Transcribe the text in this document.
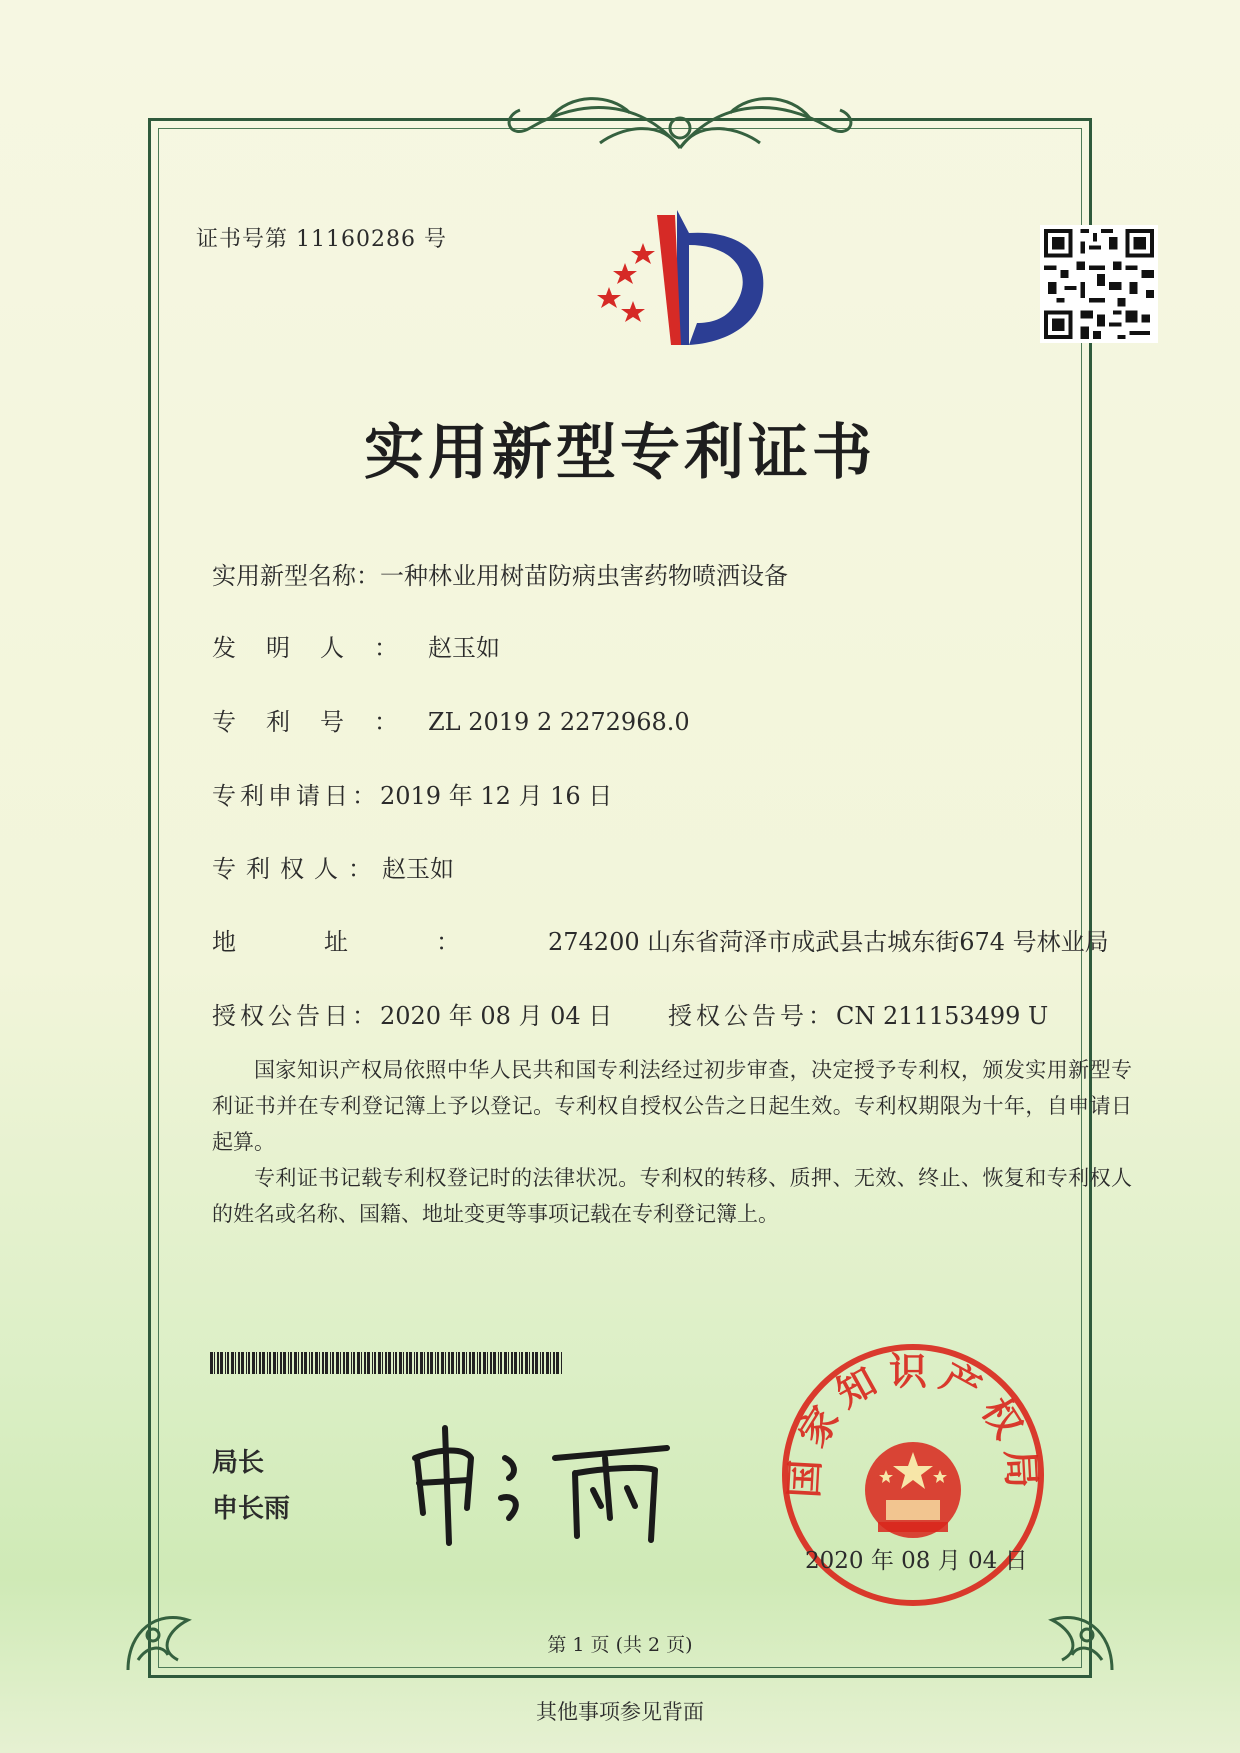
证书号第 11160286 号
实用新型专利证书
实用新型名称：一种林业用树苗防病虫害药物喷洒设备
发明人：赵玉如
专利号：ZL 2019 2 2272968.0
专利申请日：2019 年 12 月 16 日
专利权人：赵玉如
地址：274200 山东省菏泽市成武县古城东街674 号林业局
授权公告日：2020 年 08 月 04 日 授权公告号：CN 211153499 U
国家知识产权局依照中华人民共和国专利法经过初步审查，决定授予专利权，颁发实用新型专利证书并在专利登记簿上予以登记。专利权自授权公告之日起生效。专利权期限为十年，自申请日起算。
专利证书记载专利权登记时的法律状况。专利权的转移、质押、无效、终止、恢复和专利权人的姓名或名称、国籍、地址变更等事项记载在专利登记簿上。
局长
申长雨
国家知识产权局
2020 年 08 月 04 日
第 1 页 (共 2 页)
其他事项参见背面
